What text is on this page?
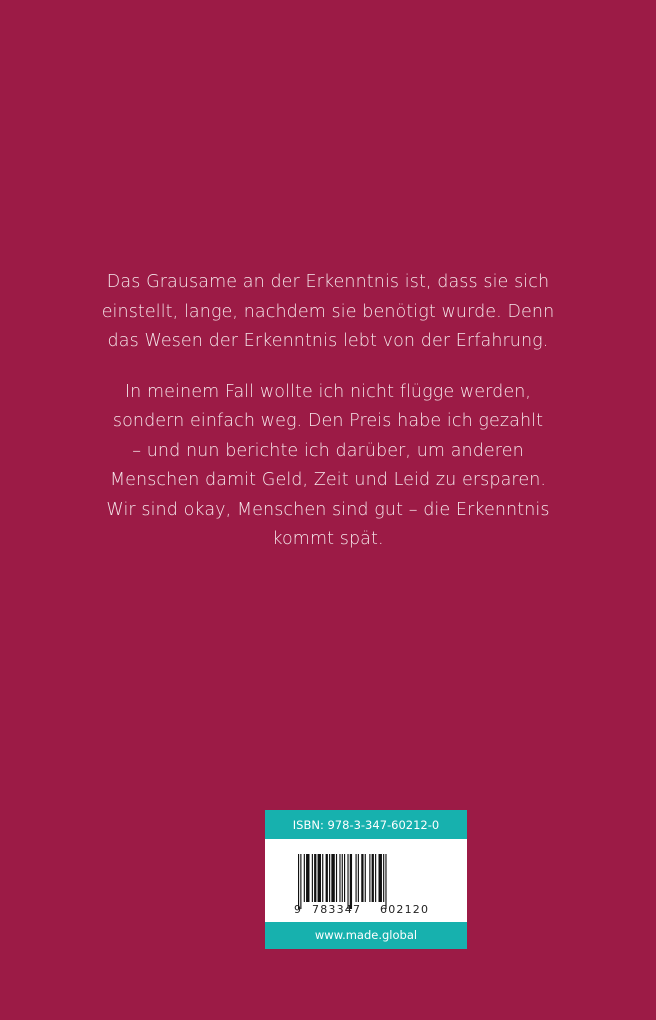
Das Grausame an der Erkenntnis ist, dass sie sich
einstellt, lange, nachdem sie benötigt wurde. Denn
das Wesen der Erkenntnis lebt von der Erfahrung.

In meinem Fall wollte ich nicht flügge werden,
sondern einfach weg. Den Preis habe ich gezahlt
– und nun berichte ich darüber, um anderen
Menschen damit Geld, Zeit und Leid zu ersparen.
Wir sind okay, Menschen sind gut – die Erkenntnis
kommt spät.

ISBN: 978-3-347-60212-0
9 783347 602120
www.made.global
